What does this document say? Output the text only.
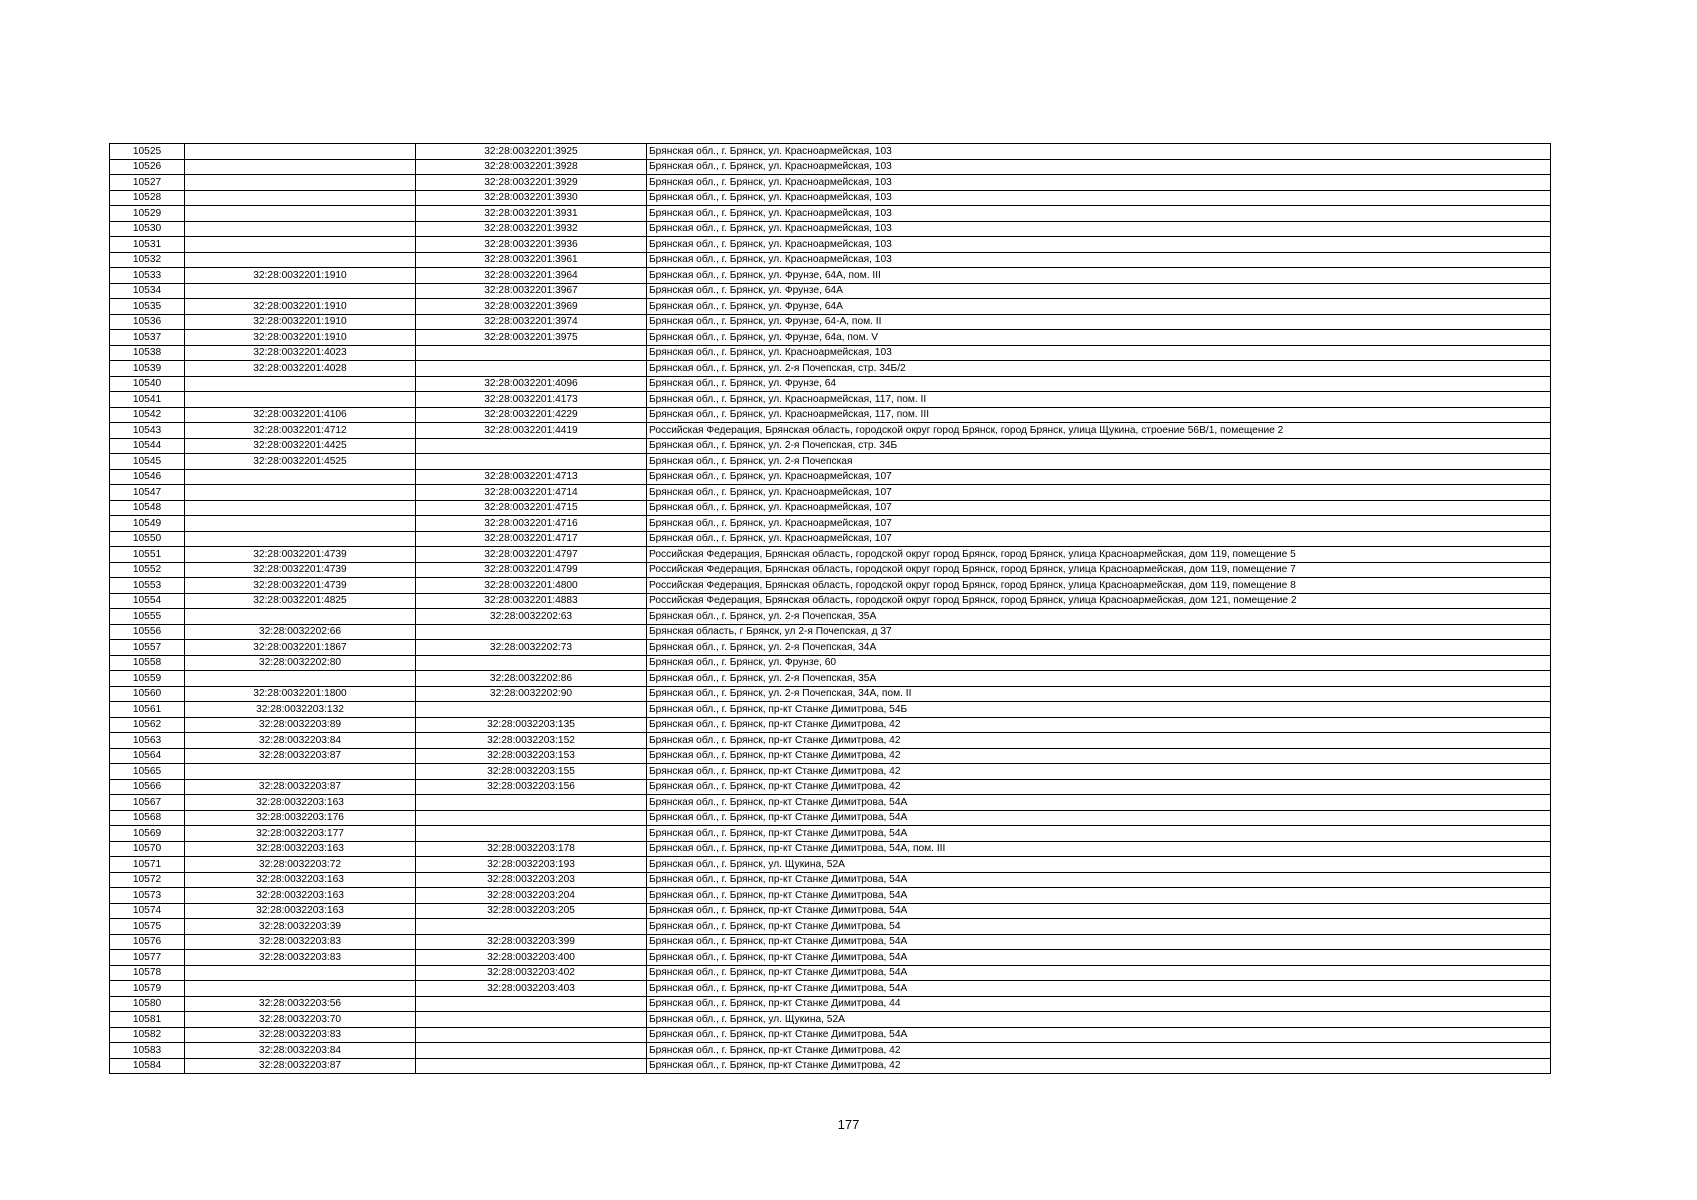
10525		32:28:0032201:3925	Брянская обл., г. Брянск, ул. Красноармейская, 103
10526		32:28:0032201:3928	Брянская обл., г. Брянск, ул. Красноармейская, 103
10527		32:28:0032201:3929	Брянская обл., г. Брянск, ул. Красноармейская, 103
10528		32:28:0032201:3930	Брянская обл., г. Брянск, ул. Красноармейская, 103
10529		32:28:0032201:3931	Брянская обл., г. Брянск, ул. Красноармейская, 103
10530		32:28:0032201:3932	Брянская обл., г. Брянск, ул. Красноармейская, 103
10531		32:28:0032201:3936	Брянская обл., г. Брянск, ул. Красноармейская, 103
10532		32:28:0032201:3961	Брянская обл., г. Брянск, ул. Красноармейская, 103
10533	32:28:0032201:1910	32:28:0032201:3964	Брянская обл., г. Брянск, ул. Фрунзе, 64А, пом. III
10534		32:28:0032201:3967	Брянская обл., г. Брянск, ул. Фрунзе, 64А
10535	32:28:0032201:1910	32:28:0032201:3969	Брянская обл., г. Брянск, ул. Фрунзе, 64А
10536	32:28:0032201:1910	32:28:0032201:3974	Брянская обл., г. Брянск, ул. Фрунзе, 64-А, пом. II
10537	32:28:0032201:1910	32:28:0032201:3975	Брянская обл., г. Брянск, ул. Фрунзе, 64а, пом. V
10538	32:28:0032201:4023		Брянская обл., г. Брянск, ул. Красноармейская, 103
10539	32:28:0032201:4028		Брянская обл., г. Брянск, ул. 2-я Почепская, стр. 34Б/2
10540		32:28:0032201:4096	Брянская обл., г. Брянск, ул. Фрунзе, 64
10541		32:28:0032201:4173	Брянская обл., г. Брянск, ул. Красноармейская, 117, пом. II
10542	32:28:0032201:4106	32:28:0032201:4229	Брянская обл., г. Брянск, ул. Красноармейская, 117, пом. III
10543	32:28:0032201:4712	32:28:0032201:4419	Российская Федерация, Брянская область, городской округ город Брянск, город Брянск, улица Щукина, строение 56В/1, помещение 2
10544	32:28:0032201:4425		Брянская обл., г. Брянск, ул. 2-я Почепская, стр. 34Б
10545	32:28:0032201:4525		Брянская обл., г. Брянск, ул. 2-я Почепская
10546		32:28:0032201:4713	Брянская обл., г. Брянск, ул. Красноармейская, 107
10547		32:28:0032201:4714	Брянская обл., г. Брянск, ул. Красноармейская, 107
10548		32:28:0032201:4715	Брянская обл., г. Брянск, ул. Красноармейская, 107
10549		32:28:0032201:4716	Брянская обл., г. Брянск, ул. Красноармейская, 107
10550		32:28:0032201:4717	Брянская обл., г. Брянск, ул. Красноармейская, 107
10551	32:28:0032201:4739	32:28:0032201:4797	Российская Федерация, Брянская область, городской округ город Брянск, город Брянск, улица Красноармейская, дом 119, помещение 5
10552	32:28:0032201:4739	32:28:0032201:4799	Российская Федерация, Брянская область, городской округ город Брянск, город Брянск, улица Красноармейская, дом 119, помещение 7
10553	32:28:0032201:4739	32:28:0032201:4800	Российская Федерация, Брянская область, городской округ город Брянск, город Брянск, улица Красноармейская, дом 119, помещение 8
10554	32:28:0032201:4825	32:28:0032201:4883	Российская Федерация, Брянская область, городской округ город Брянск, город Брянск, улица Красноармейская, дом 121, помещение 2
10555		32:28:0032202:63	Брянская обл., г. Брянск, ул. 2-я Почепская, 35А
10556	32:28:0032202:66		Брянская область, г Брянск, ул 2-я Почепская, д 37
10557	32:28:0032201:1867	32:28:0032202:73	Брянская обл., г. Брянск, ул. 2-я Почепская, 34А
10558	32:28:0032202:80		Брянская обл., г. Брянск, ул. Фрунзе, 60
10559		32:28:0032202:86	Брянская обл., г. Брянск, ул. 2-я Почепская, 35А
10560	32:28:0032201:1800	32:28:0032202:90	Брянская обл., г. Брянск, ул. 2-я Почепская, 34А, пом. II
10561	32:28:0032203:132		Брянская обл., г. Брянск, пр-кт Станке Димитрова, 54Б
10562	32:28:0032203:89	32:28:0032203:135	Брянская обл., г. Брянск, пр-кт Станке Димитрова, 42
10563	32:28:0032203:84	32:28:0032203:152	Брянская обл., г. Брянск, пр-кт Станке Димитрова, 42
10564	32:28:0032203:87	32:28:0032203:153	Брянская обл., г. Брянск, пр-кт Станке Димитрова, 42
10565		32:28:0032203:155	Брянская обл., г. Брянск, пр-кт Станке Димитрова, 42
10566	32:28:0032203:87	32:28:0032203:156	Брянская обл., г. Брянск, пр-кт Станке Димитрова, 42
10567	32:28:0032203:163		Брянская обл., г. Брянск, пр-кт Станке Димитрова, 54А
10568	32:28:0032203:176		Брянская обл., г. Брянск, пр-кт Станке Димитрова, 54А
10569	32:28:0032203:177		Брянская обл., г. Брянск, пр-кт Станке Димитрова, 54А
10570	32:28:0032203:163	32:28:0032203:178	Брянская обл., г. Брянск, пр-кт Станке Димитрова, 54А, пом. III
10571	32:28:0032203:72	32:28:0032203:193	Брянская обл., г. Брянск, ул. Щукина, 52А
10572	32:28:0032203:163	32:28:0032203:203	Брянская обл., г. Брянск, пр-кт Станке Димитрова, 54А
10573	32:28:0032203:163	32:28:0032203:204	Брянская обл., г. Брянск, пр-кт Станке Димитрова, 54А
10574	32:28:0032203:163	32:28:0032203:205	Брянская обл., г. Брянск, пр-кт Станке Димитрова, 54А
10575	32:28:0032203:39		Брянская обл., г. Брянск, пр-кт Станке Димитрова, 54
10576	32:28:0032203:83	32:28:0032203:399	Брянская обл., г. Брянск, пр-кт Станке Димитрова, 54А
10577	32:28:0032203:83	32:28:0032203:400	Брянская обл., г. Брянск, пр-кт Станке Димитрова, 54А
10578		32:28:0032203:402	Брянская обл., г. Брянск, пр-кт Станке Димитрова, 54А
10579		32:28:0032203:403	Брянская обл., г. Брянск, пр-кт Станке Димитрова, 54А
10580	32:28:0032203:56		Брянская обл., г. Брянск, пр-кт Станке Димитрова, 44
10581	32:28:0032203:70		Брянская обл., г. Брянск, ул. Щукина, 52А
10582	32:28:0032203:83		Брянская обл., г. Брянск, пр-кт Станке Димитрова, 54А
10583	32:28:0032203:84		Брянская обл., г. Брянск, пр-кт Станке Димитрова, 42
10584	32:28:0032203:87		Брянская обл., г. Брянск, пр-кт Станке Димитрова, 42
177
